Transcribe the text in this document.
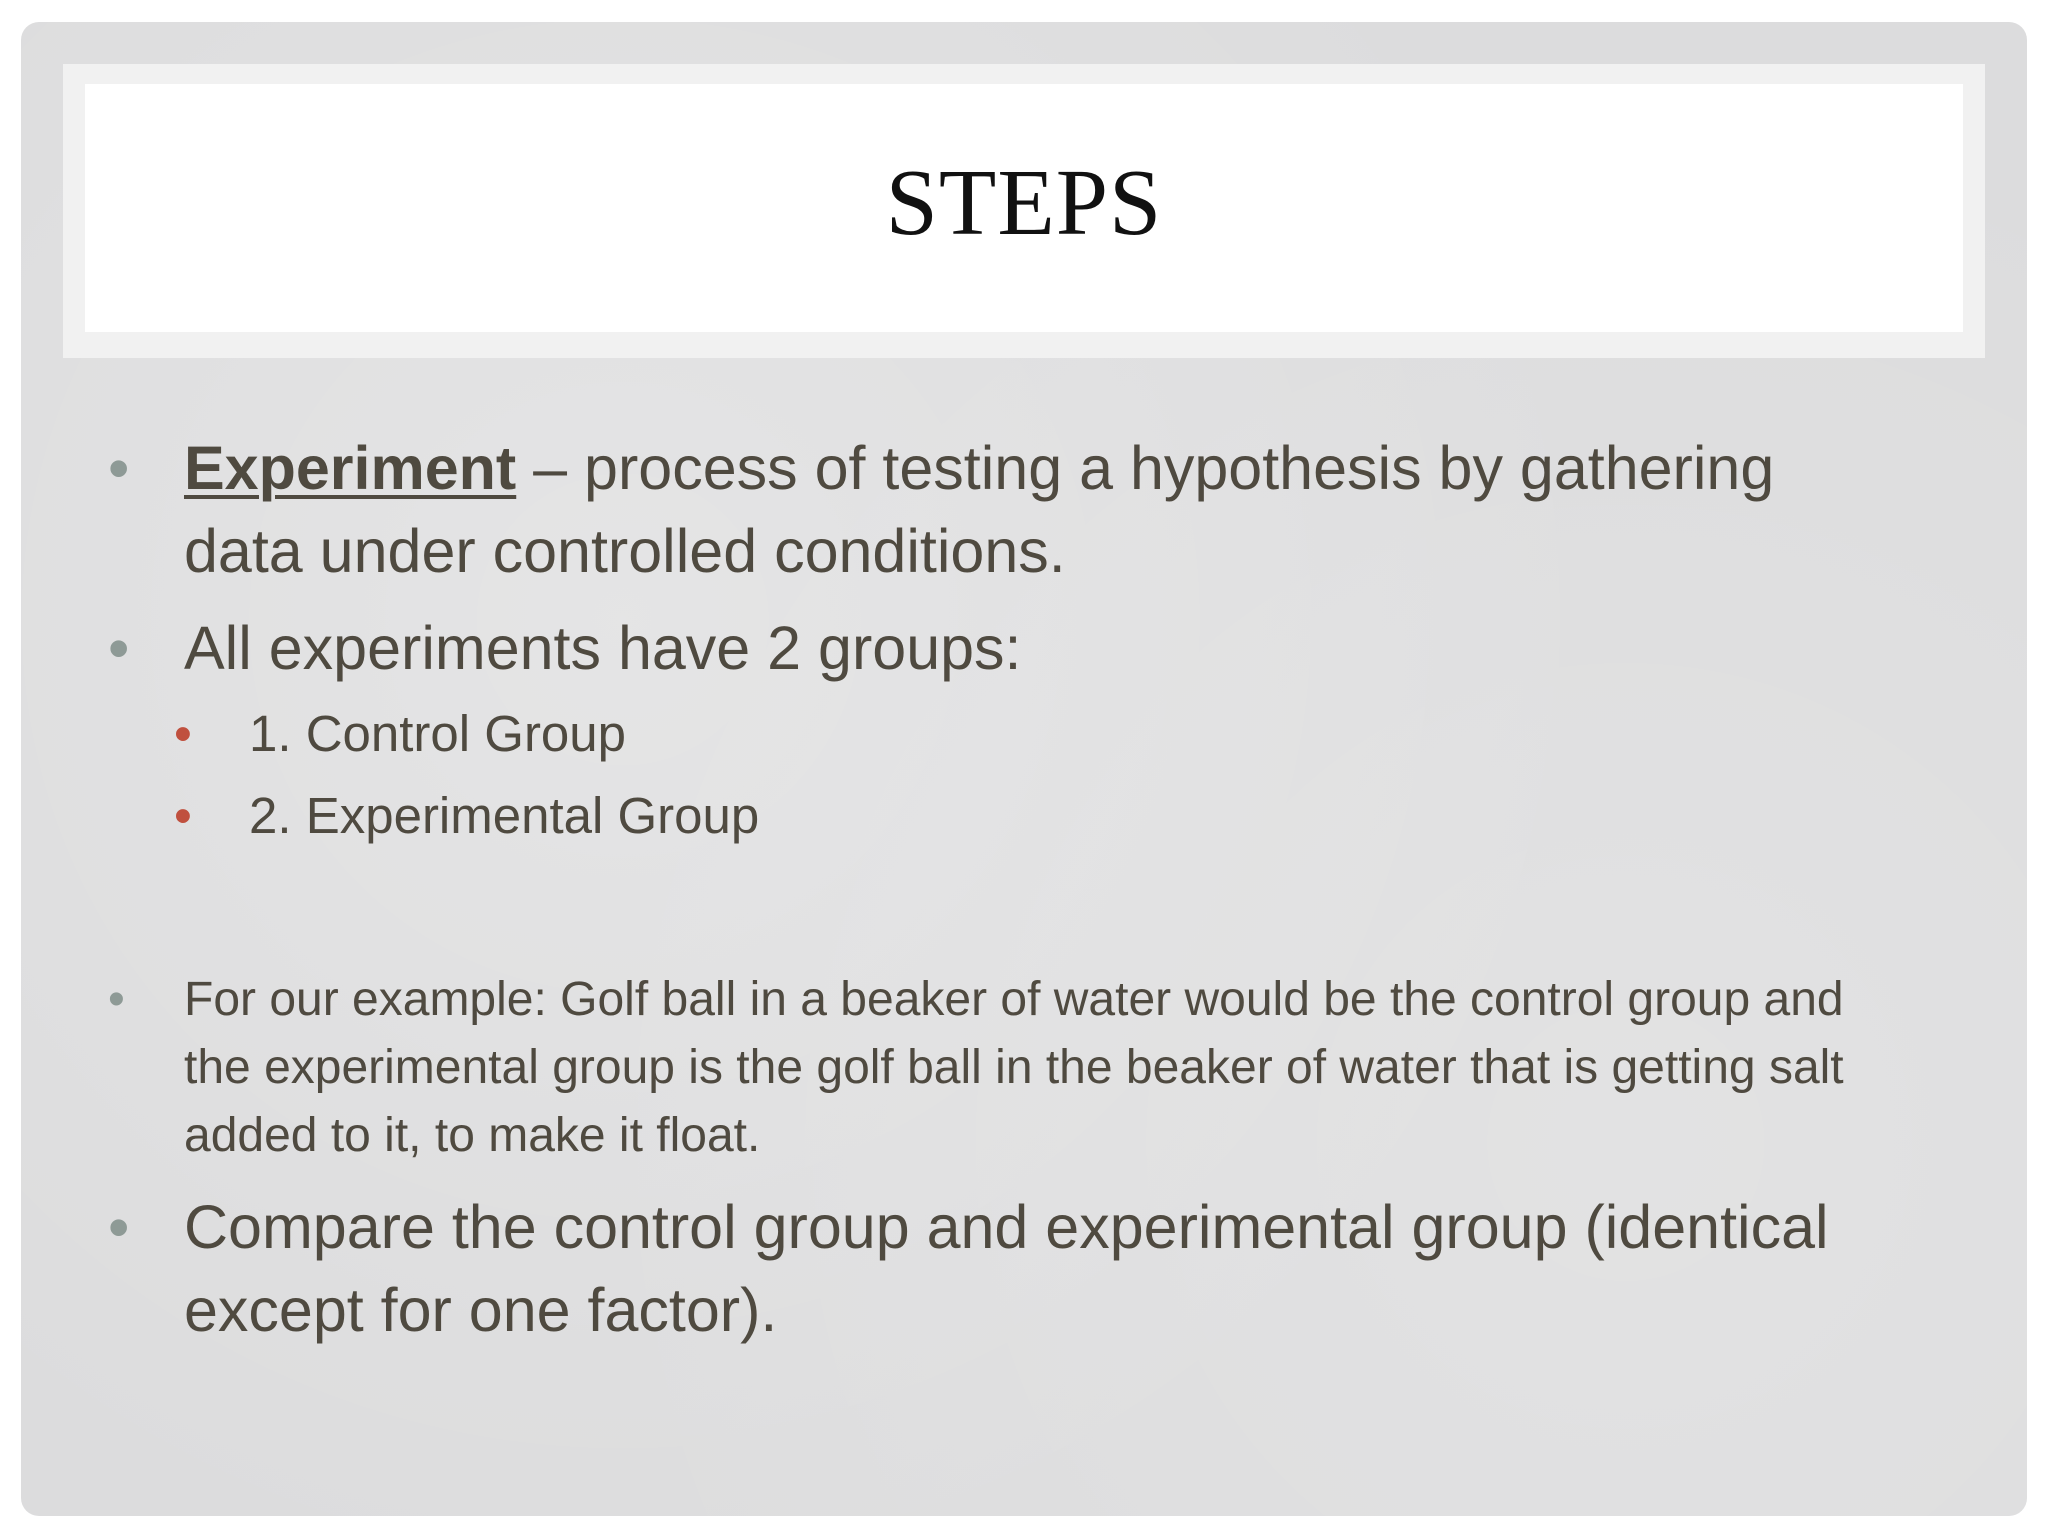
STEPS
• Experiment – process of testing a hypothesis by gathering data under controlled conditions.

• All experiments have 2 groups:

• 1. Control Group

• 2. Experimental Group

• For our example: Golf ball in a beaker of water would be the control group and the experimental group is the golf ball in the beaker of water that is getting salt added to it, to make it float.

• Compare the control group and experimental group (identical except for one factor).
